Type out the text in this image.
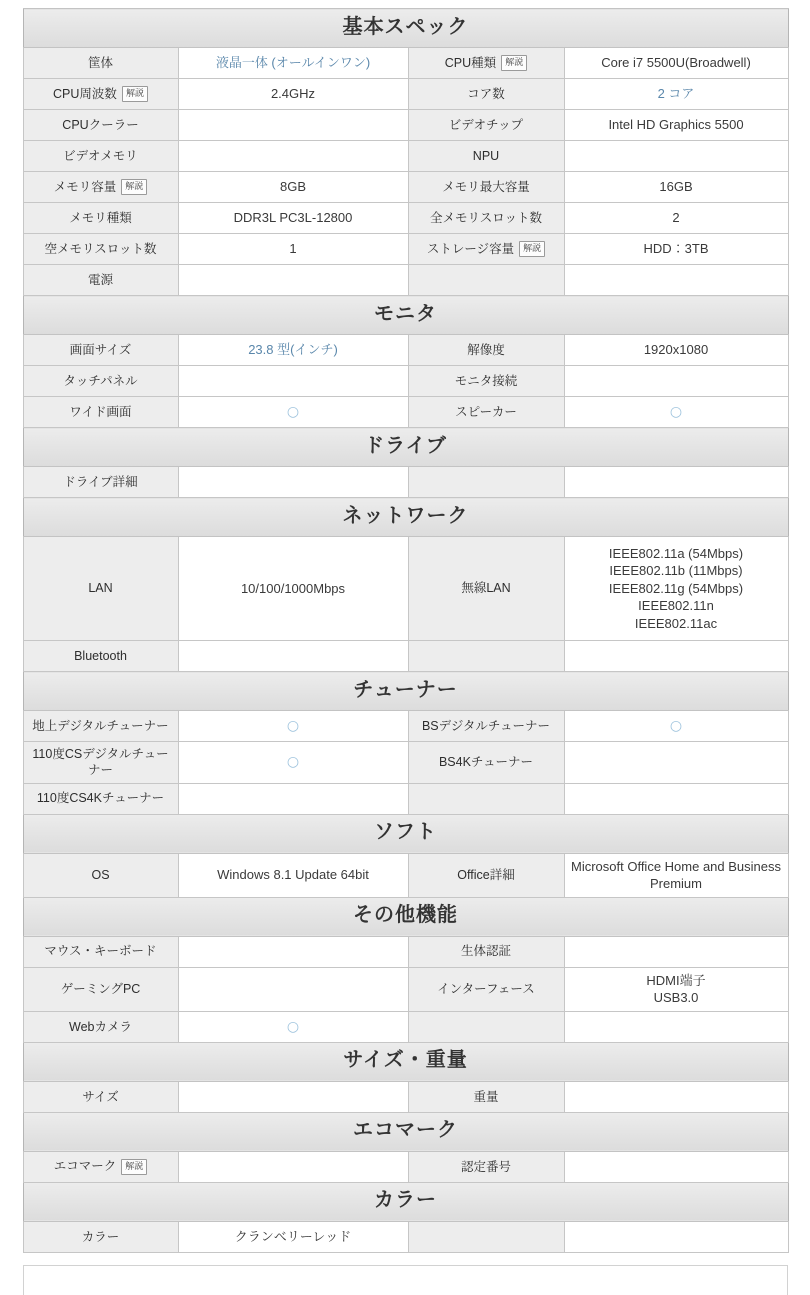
基本スペック			
筐体	液晶一体 (オールインワン)	CPU種類 解説	Core i7 5500U(Broadwell)
CPU周波数 解説	2.4GHz	コア数	2 コア
CPUクーラー		ビデオチップ	Intel HD Graphics 5500
ビデオメモリ		NPU	
メモリ容量 解説	8GB	メモリ最大容量	16GB
メモリ種類	DDR3L PC3L-12800	全メモリスロット数	2
空メモリスロット数	1	ストレージ容量 解説	HDD：3TB
電源			
モニタ			
画面サイズ	23.8 型(インチ)	解像度	1920x1080
タッチパネル		モニタ接続	
ワイド画面	○	スピーカー	○
ドライブ			
ドライブ詳細			
ネットワーク			
LAN	10/100/1000Mbps	無線LAN	IEEE802.11a (54Mbps)
IEEE802.11b (11Mbps)
IEEE802.11g (54Mbps)
IEEE802.11n
IEEE802.11ac
Bluetooth			
チューナー			
地上デジタルチューナー	○	BSデジタルチューナー	○
110度CSデジタルチューナー	○	BS4Kチューナー	
110度CS4Kチューナー			
ソフト			
OS	Windows 8.1 Update 64bit	Office詳細	Microsoft Office Home and Business Premium
その他機能			
マウス・キーボード		生体認証	
ゲーミングPC		インターフェース	HDMI端子
USB3.0
Webカメラ	○		
サイズ・重量			
サイズ		重量	
エコマーク			
エコマーク 解説		認定番号	
カラー			
カラー	クランベリーレッド		
